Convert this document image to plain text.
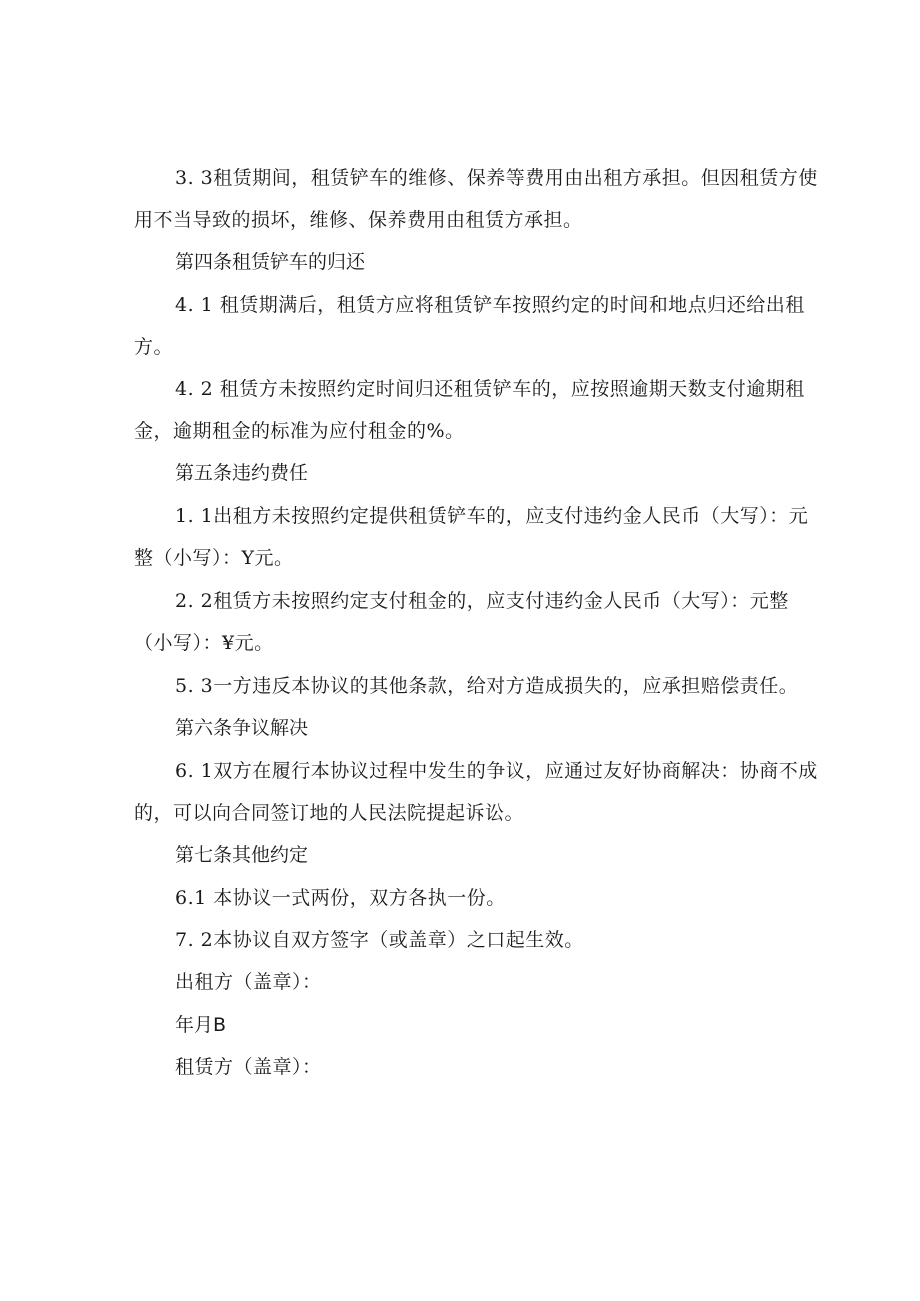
3. 3租赁期间，租赁铲车的维修、保养等费用由出租方承担。但因租赁方使
用不当导致的损坏，维修、保养费用由租赁方承担。
第四条租赁铲车的归还
4. 1 租赁期满后，租赁方应将租赁铲车按照约定的时间和地点归还给出租
方。
4. 2 租赁方未按照约定时间归还租赁铲车的，应按照逾期天数支付逾期租
金，逾期租金的标准为应付租金的%。
第五条违约费任
1. 1出租方未按照约定提供租赁铲车的，应支付违约金人民币（大写）：元
整（小写）：Y元。
2. 2租赁方未按照约定支付租金的，应支付违约金人民币（大写）：元整
（小写）：¥元。
5. 3一方违反本协议的其他条款，给对方造成损失的，应承担赔偿责任。
第六条争议解决
6. 1双方在履行本协议过程中发生的争议，应通过友好协商解决：协商不成
的，可以向合同签订地的人民法院提起诉讼。
第七条其他约定
6.1 本协议一式两份，双方各执一份。
7. 2本协议自双方签字（或盖章）之口起生效。
出租方（盖章）：
年月B
租赁方（盖章）：
